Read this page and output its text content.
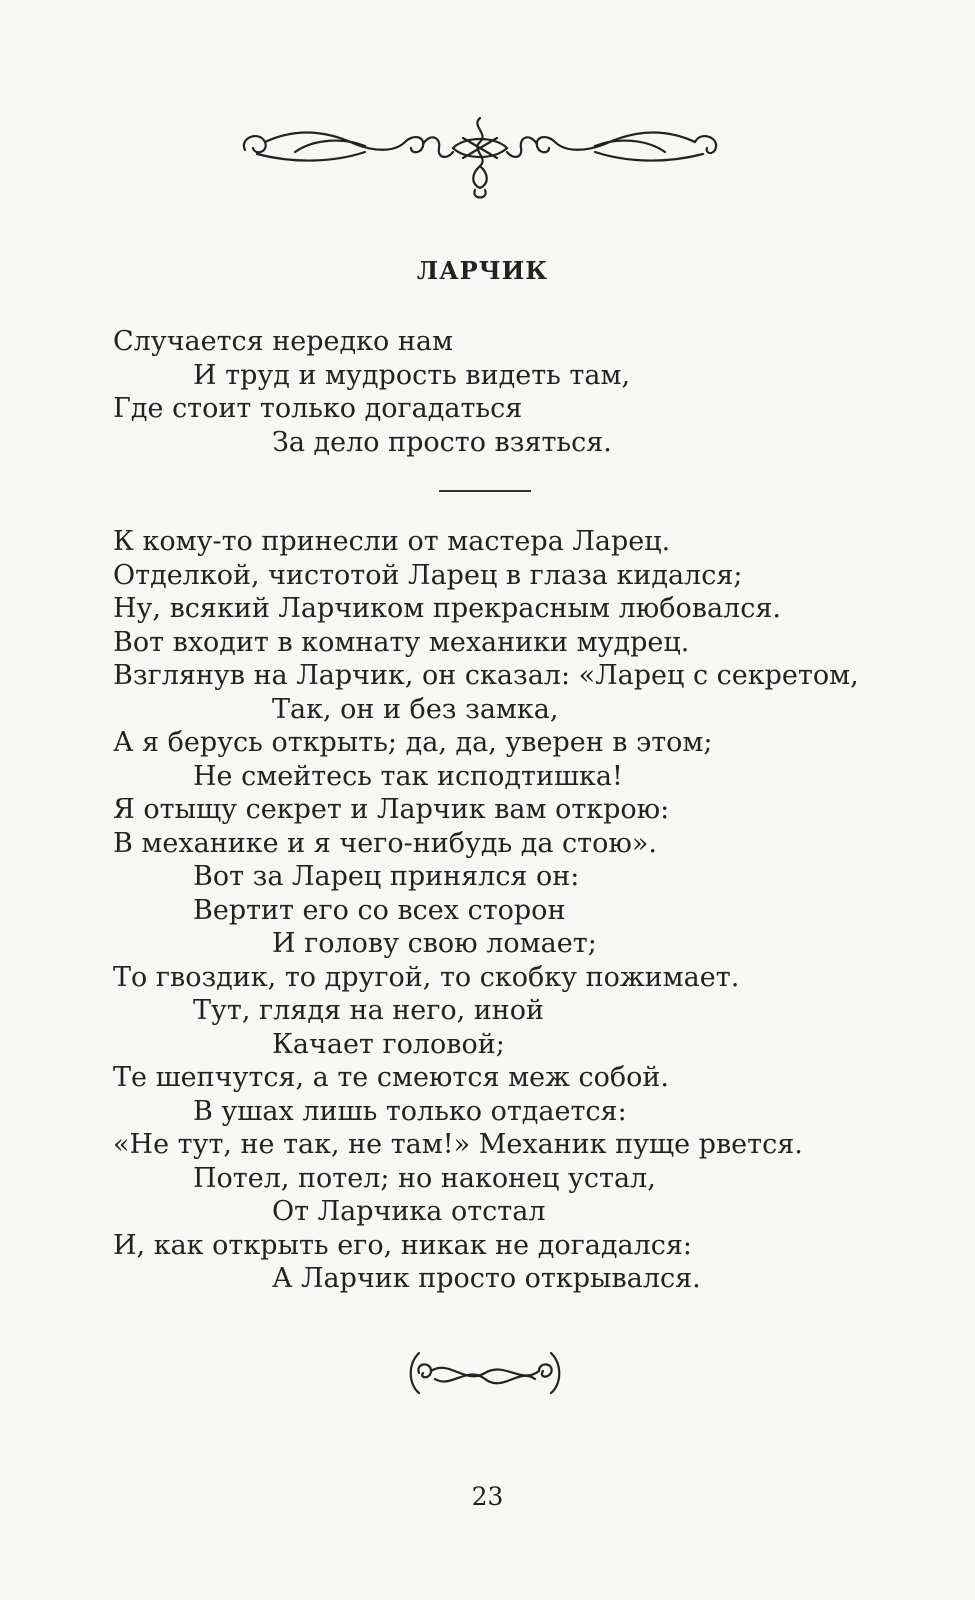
ЛАРЧИК
Случается нередко нам
И труд и мудрость видеть там,
Где стоит только догадаться
За дело просто взяться.
К кому-то принесли от мастера Ларец.
Отделкой, чистотой Ларец в глаза кидался;
Ну, всякий Ларчиком прекрасным любовался.
Вот входит в комнату механики мудрец.
Взглянув на Ларчик, он сказал: «Ларец с секретом,
Так, он и без замка,
А я берусь открыть; да, да, уверен в этом;
Не смейтесь так исподтишка!
Я отыщу секрет и Ларчик вам открою:
В механике и я чего-нибудь да стою».
Вот за Ларец принялся он:
Вертит его со всех сторон
И голову свою ломает;
То гвоздик, то другой, то скобку пожимает.
Тут, глядя на него, иной
Качает головой;
Те шепчутся, а те смеются меж собой.
В ушах лишь только отдается:
«Не тут, не так, не там!» Механик пуще рвется.
Потел, потел; но наконец устал,
От Ларчика отстал
И, как открыть его, никак не догадался:
А Ларчик просто открывался.
23
